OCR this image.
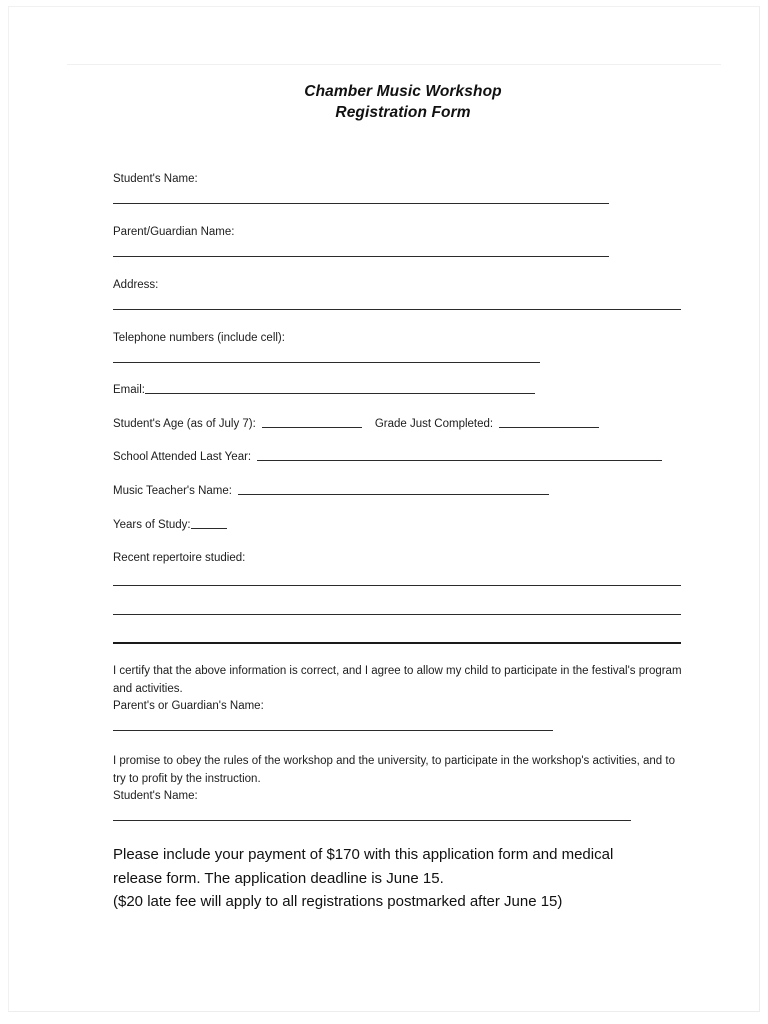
Chamber Music Workshop
Registration Form
Student's Name:
Parent/Guardian Name:
Address:
Telephone numbers (include cell):
Email:
Student's Age (as of July 7):	Grade Just Completed:
School Attended Last Year:
Music Teacher's Name:
Years of Study:
Recent repertoire studied:

I certify that the above information is correct, and I agree to allow my child to participate in the festival's program and activities.

Parent's or Guardian's Name:

I promise to obey the rules of the workshop and the university, to participate in the workshop's activities, and to try to profit by the instruction.

Student's Name:

Please include your payment of $170 with this application form and medical
release form. The application deadline is June 15.
($20 late fee will apply to all registrations postmarked after June 15)
